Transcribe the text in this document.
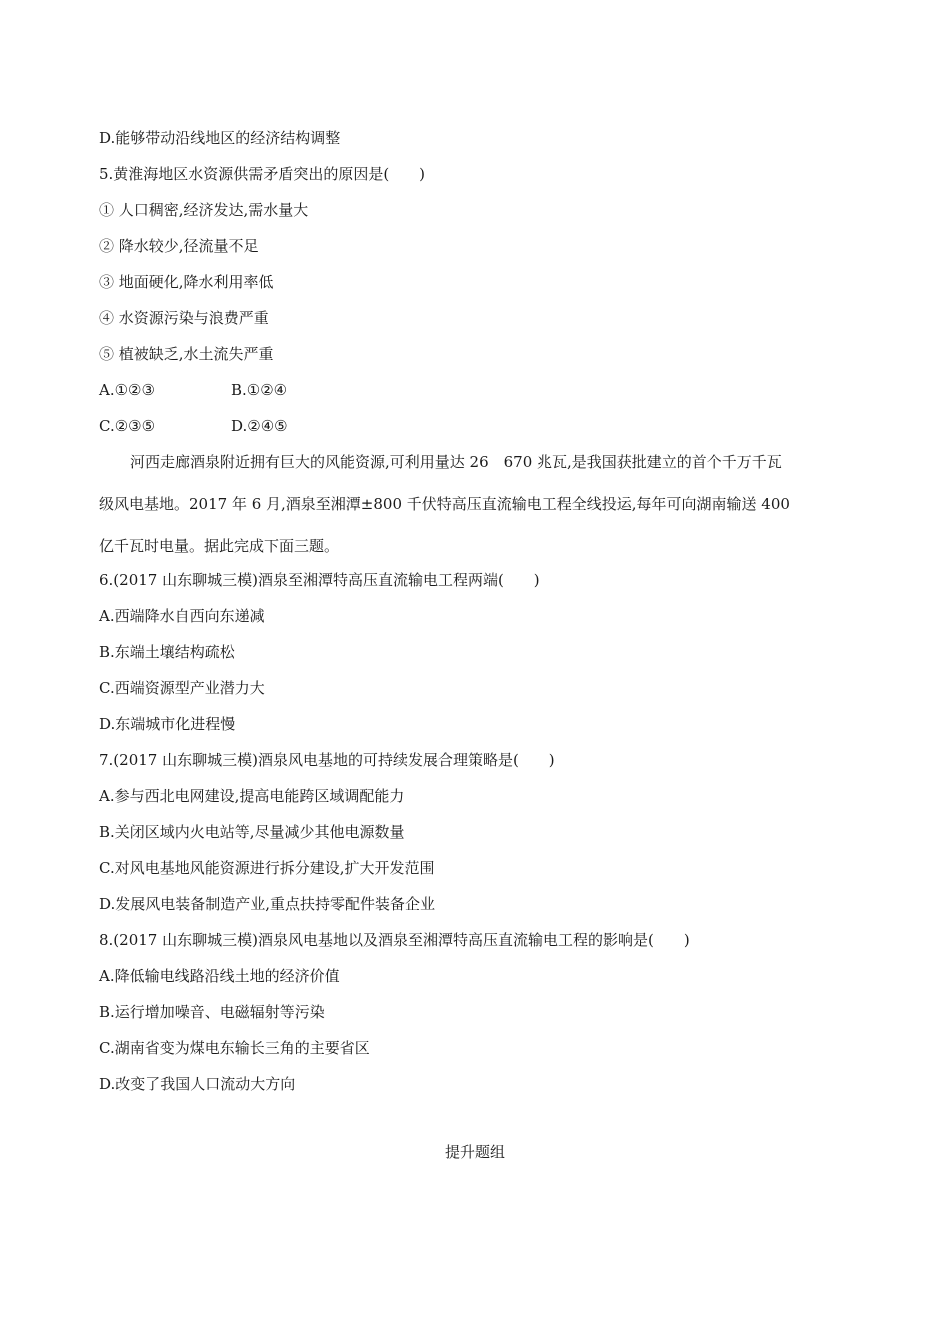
D.能够带动沿线地区的经济结构调整
5.黄淮海地区水资源供需矛盾突出的原因是(　　)
① 人口稠密,经济发达,需水量大
② 降水较少,径流量不足
③ 地面硬化,降水利用率低
④ 水资源污染与浪费严重
⑤ 植被缺乏,水土流失严重
A.①②③	B.①②④
C.②③⑤	D.②④⑤
河西走廊酒泉附近拥有巨大的风能资源,可利用量达 26　670 兆瓦,是我国获批建立的首个千万千瓦
级风电基地。2017 年 6 月,酒泉至湘潭±800 千伏特高压直流输电工程全线投运,每年可向湖南输送 400
亿千瓦时电量。据此完成下面三题。
6.(2017 山东聊城三模)酒泉至湘潭特高压直流输电工程两端(　　)
A.西端降水自西向东递减
B.东端土壤结构疏松
C.西端资源型产业潜力大
D.东端城市化进程慢
7.(2017 山东聊城三模)酒泉风电基地的可持续发展合理策略是(　　)
A.参与西北电网建设,提高电能跨区域调配能力
B.关闭区域内火电站等,尽量减少其他电源数量
C.对风电基地风能资源进行拆分建设,扩大开发范围
D.发展风电装备制造产业,重点扶持零配件装备企业
8.(2017 山东聊城三模)酒泉风电基地以及酒泉至湘潭特高压直流输电工程的影响是(　　)
A.降低输电线路沿线土地的经济价值
B.运行增加噪音、电磁辐射等污染
C.湖南省变为煤电东输长三角的主要省区
D.改变了我国人口流动大方向
提升题组
